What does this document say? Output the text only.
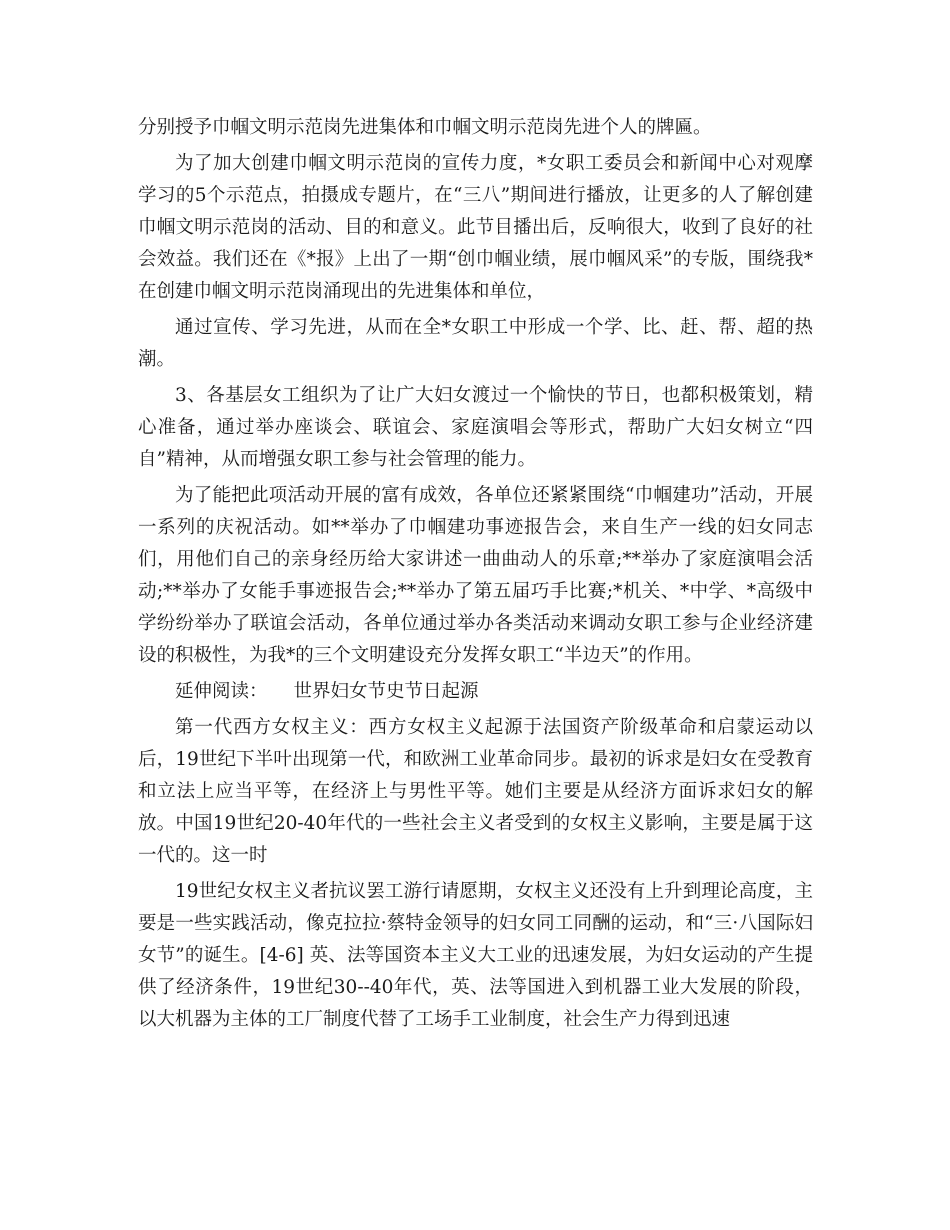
分别授予巾帼文明示范岗先进集体和巾帼文明示范岗先进个人的牌匾。

为了加大创建巾帼文明示范岗的宣传力度，*女职工委员会和新闻中心对观摩学习的5个示范点，拍摄成专题片，在“三八”期间进行播放，让更多的人了解创建巾帼文明示范岗的活动、目的和意义。此节目播出后，反响很大，收到了良好的社会效益。我们还在《*报》上出了一期“创巾帼业绩，展巾帼风采”的专版，围绕我*在创建巾帼文明示范岗涌现出的先进集体和单位，

通过宣传、学习先进，从而在全*女职工中形成一个学、比、赶、帮、超的热潮。

3、各基层女工组织为了让广大妇女渡过一个愉快的节日，也都积极策划，精心准备，通过举办座谈会、联谊会、家庭演唱会等形式，帮助广大妇女树立“四自”精神，从而增强女职工参与社会管理的能力。

为了能把此项活动开展的富有成效，各单位还紧紧围绕“巾帼建功”活动，开展一系列的庆祝活动。如**举办了巾帼建功事迹报告会，来自生产一线的妇女同志们，用他们自己的亲身经历给大家讲述一曲曲动人的乐章;**举办了家庭演唱会活动;**举办了女能手事迹报告会;**举办了第五届巧手比赛;*机关、*中学、*高级中学纷纷举办了联谊会活动，各单位通过举办各类活动来调动女职工参与企业经济建设的积极性，为我*的三个文明建设充分发挥女职工“半边天”的作用。

延伸阅读： 世界妇女节史节日起源

第一代西方女权主义：西方女权主义起源于法国资产阶级革命和启蒙运动以后，19世纪下半叶出现第一代，和欧洲工业革命同步。最初的诉求是妇女在受教育和立法上应当平等，在经济上与男性平等。她们主要是从经济方面诉求妇女的解放。中国19世纪20-40年代的一些社会主义者受到的女权主义影响，主要是属于这一代的。这一时

19世纪女权主义者抗议罢工游行请愿期，女权主义还没有上升到理论高度，主要是一些实践活动，像克拉拉·蔡特金领导的妇女同工同酬的运动，和“三·八国际妇女节”的诞生。[4-6] 英、法等国资本主义大工业的迅速发展，为妇女运动的产生提供了经济条件，19世纪30--40年代，英、法等国进入到机器工业大发展的阶段，以大机器为主体的工厂制度代替了工场手工业制度，社会生产力得到迅速
